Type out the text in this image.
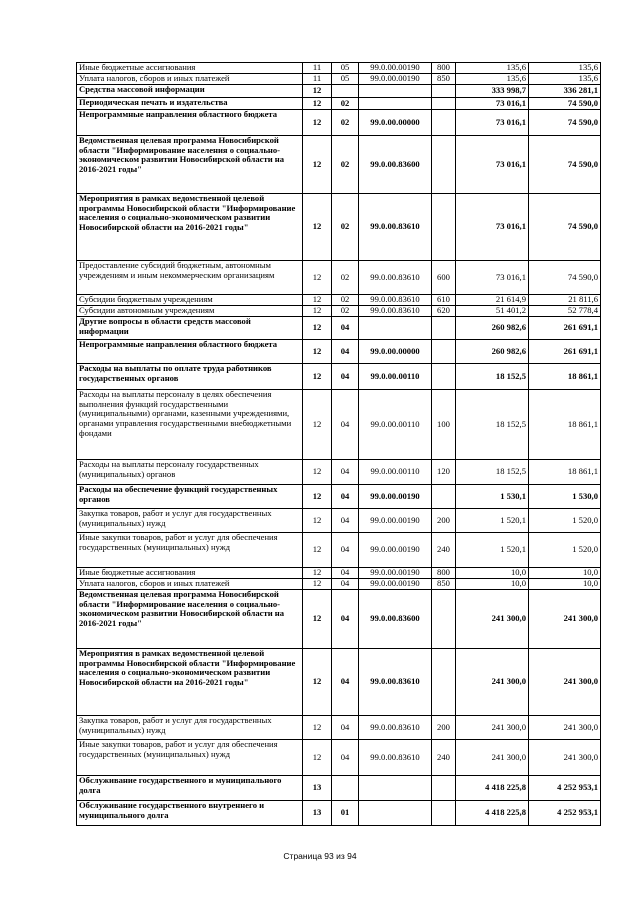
Иные бюджетные ассигнования	11	05	99.0.00.00190	800	135,6	135,6
Уплата налогов, сборов и иных платежей	11	05	99.0.00.00190	850	135,6	135,6
Средства массовой информации	12				333 998,7	336 281,1
Периодическая печать и издательства	12	02			73 016,1	74 590,0
Непрограммные направления областного бюджета	12	02	99.0.00.00000		73 016,1	74 590,0
Ведомственная целевая программа Новосибирской области "Информирование населения о социально-экономическом развитии Новосибирской области на 2016-2021 годы"	12	02	99.0.00.83600		73 016,1	74 590,0
Мероприятия в рамках ведомственной целевой программы Новосибирской области "Информирование населения о социально-экономическом развитии Новосибирской области на 2016-2021 годы"	12	02	99.0.00.83610		73 016,1	74 590,0
Предоставление субсидий бюджетным, автономным учреждениям и иным некоммерческим организациям	12	02	99.0.00.83610	600	73 016,1	74 590,0
Субсидии бюджетным учреждениям	12	02	99.0.00.83610	610	21 614,9	21 811,6
Субсидии автономным учреждениям	12	02	99.0.00.83610	620	51 401,2	52 778,4
Другие вопросы в области средств массовой информации	12	04			260 982,6	261 691,1
Непрограммные направления областного бюджета	12	04	99.0.00.00000		260 982,6	261 691,1
Расходы на выплаты по оплате труда работников государственных органов	12	04	99.0.00.00110		18 152,5	18 861,1
Расходы на выплаты персоналу в целях обеспечения выполнения функций государственными (муниципальными) органами, казенными учреждениями, органами управления государственными внебюджетными фондами	12	04	99.0.00.00110	100	18 152,5	18 861,1
Расходы на выплаты персоналу государственных (муниципальных) органов	12	04	99.0.00.00110	120	18 152,5	18 861,1
Расходы на обеспечение функций государственных органов	12	04	99.0.00.00190		1 530,1	1 530,0
Закупка товаров, работ и услуг для государственных (муниципальных) нужд	12	04	99.0.00.00190	200	1 520,1	1 520,0
Иные закупки товаров, работ и услуг для обеспечения государственных (муниципальных) нужд	12	04	99.0.00.00190	240	1 520,1	1 520,0
Иные бюджетные ассигнования	12	04	99.0.00.00190	800	10,0	10,0
Уплата налогов, сборов и иных платежей	12	04	99.0.00.00190	850	10,0	10,0
Ведомственная целевая программа Новосибирской области "Информирование населения о социально-экономическом развитии Новосибирской области на 2016-2021 годы"	12	04	99.0.00.83600		241 300,0	241 300,0
Мероприятия в рамках ведомственной целевой программы Новосибирской области "Информирование населения о социально-экономическом развитии Новосибирской области на 2016-2021 годы"	12	04	99.0.00.83610		241 300,0	241 300,0
Закупка товаров, работ и услуг для государственных (муниципальных) нужд	12	04	99.0.00.83610	200	241 300,0	241 300,0
Иные закупки товаров, работ и услуг для обеспечения государственных (муниципальных) нужд	12	04	99.0.00.83610	240	241 300,0	241 300,0
Обслуживание государственного и муниципального долга	13				4 418 225,8	4 252 953,1
Обслуживание государственного внутреннего и муниципального долга	13	01			4 418 225,8	4 252 953,1
Страница 93 из 94
